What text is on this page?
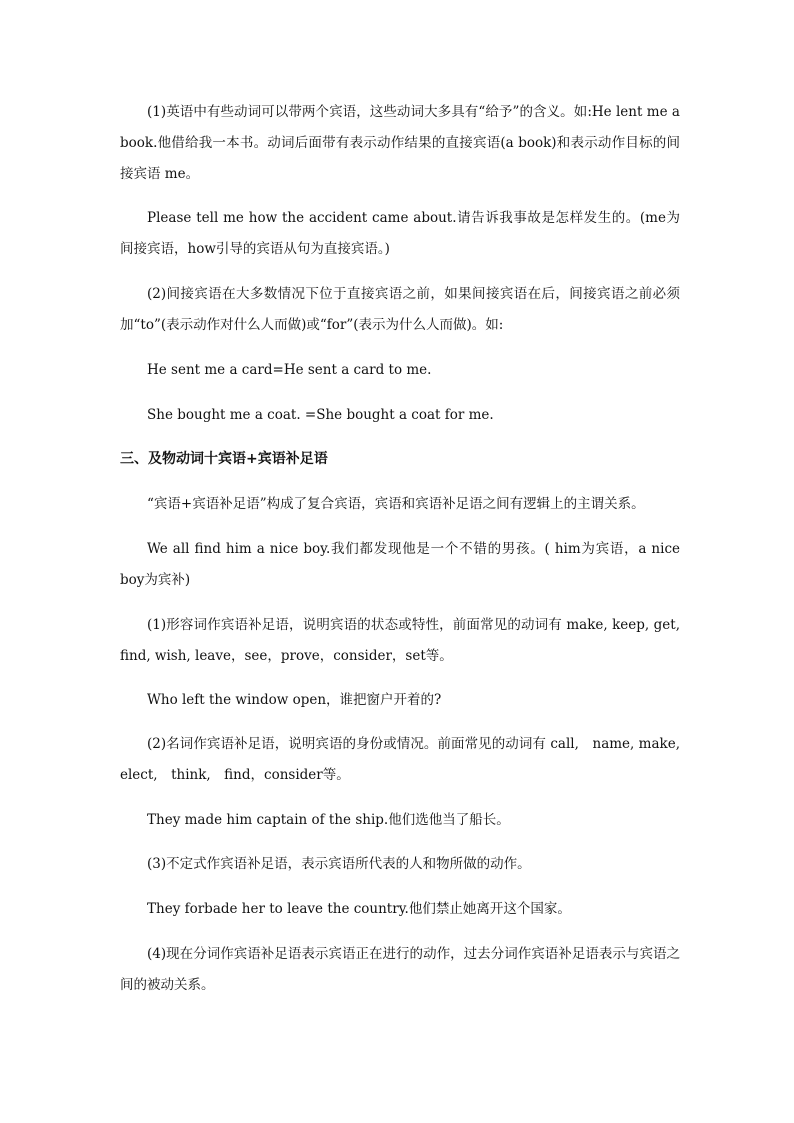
(1)英语中有些动词可以带两个宾语，这些动词大多具有“给予”的含义。如:He lent me a book.他借给我一本书。动词后面带有表示动作结果的直接宾语(a book)和表示动作目标的间接宾语 me。

Please tell me how the accident came about.请告诉我事故是怎样发生的。(me为间接宾语，how引导的宾语从句为直接宾语。)

(2)间接宾语在大多数情况下位于直接宾语之前，如果间接宾语在后，间接宾语之前必须加“to”(表示动作对什么人而做)或“for”(表示为什么人而做)。如:

He sent me a card=He sent a card to me.

She bought me a coat. =She bought a coat for me.

三、及物动词十宾语+宾语补足语

“宾语+宾语补足语”构成了复合宾语，宾语和宾语补足语之间有逻辑上的主谓关系。

We all find him a nice boy.我们都发现他是一个不错的男孩。( him为宾语，a nice boy为宾补)

(1)形容词作宾语补足语，说明宾语的状态或特性，前面常见的动词有 make, keep, get, find, wish, leave，see，prove，consider，set等。

Who left the window open，谁把窗户开着的?

(2)名词作宾语补足语，说明宾语的身份或情况。前面常见的动词有 call,　name, make, elect,　think,　find，consider等。

They made him captain of the ship.他们选他当了船长。

(3)不定式作宾语补足语，表示宾语所代表的人和物所做的动作。

They forbade her to leave the country.他们禁止她离开这个国家。

(4)现在分词作宾语补足语表示宾语正在进行的动作，过去分词作宾语补足语表示与宾语之间的被动关系。
